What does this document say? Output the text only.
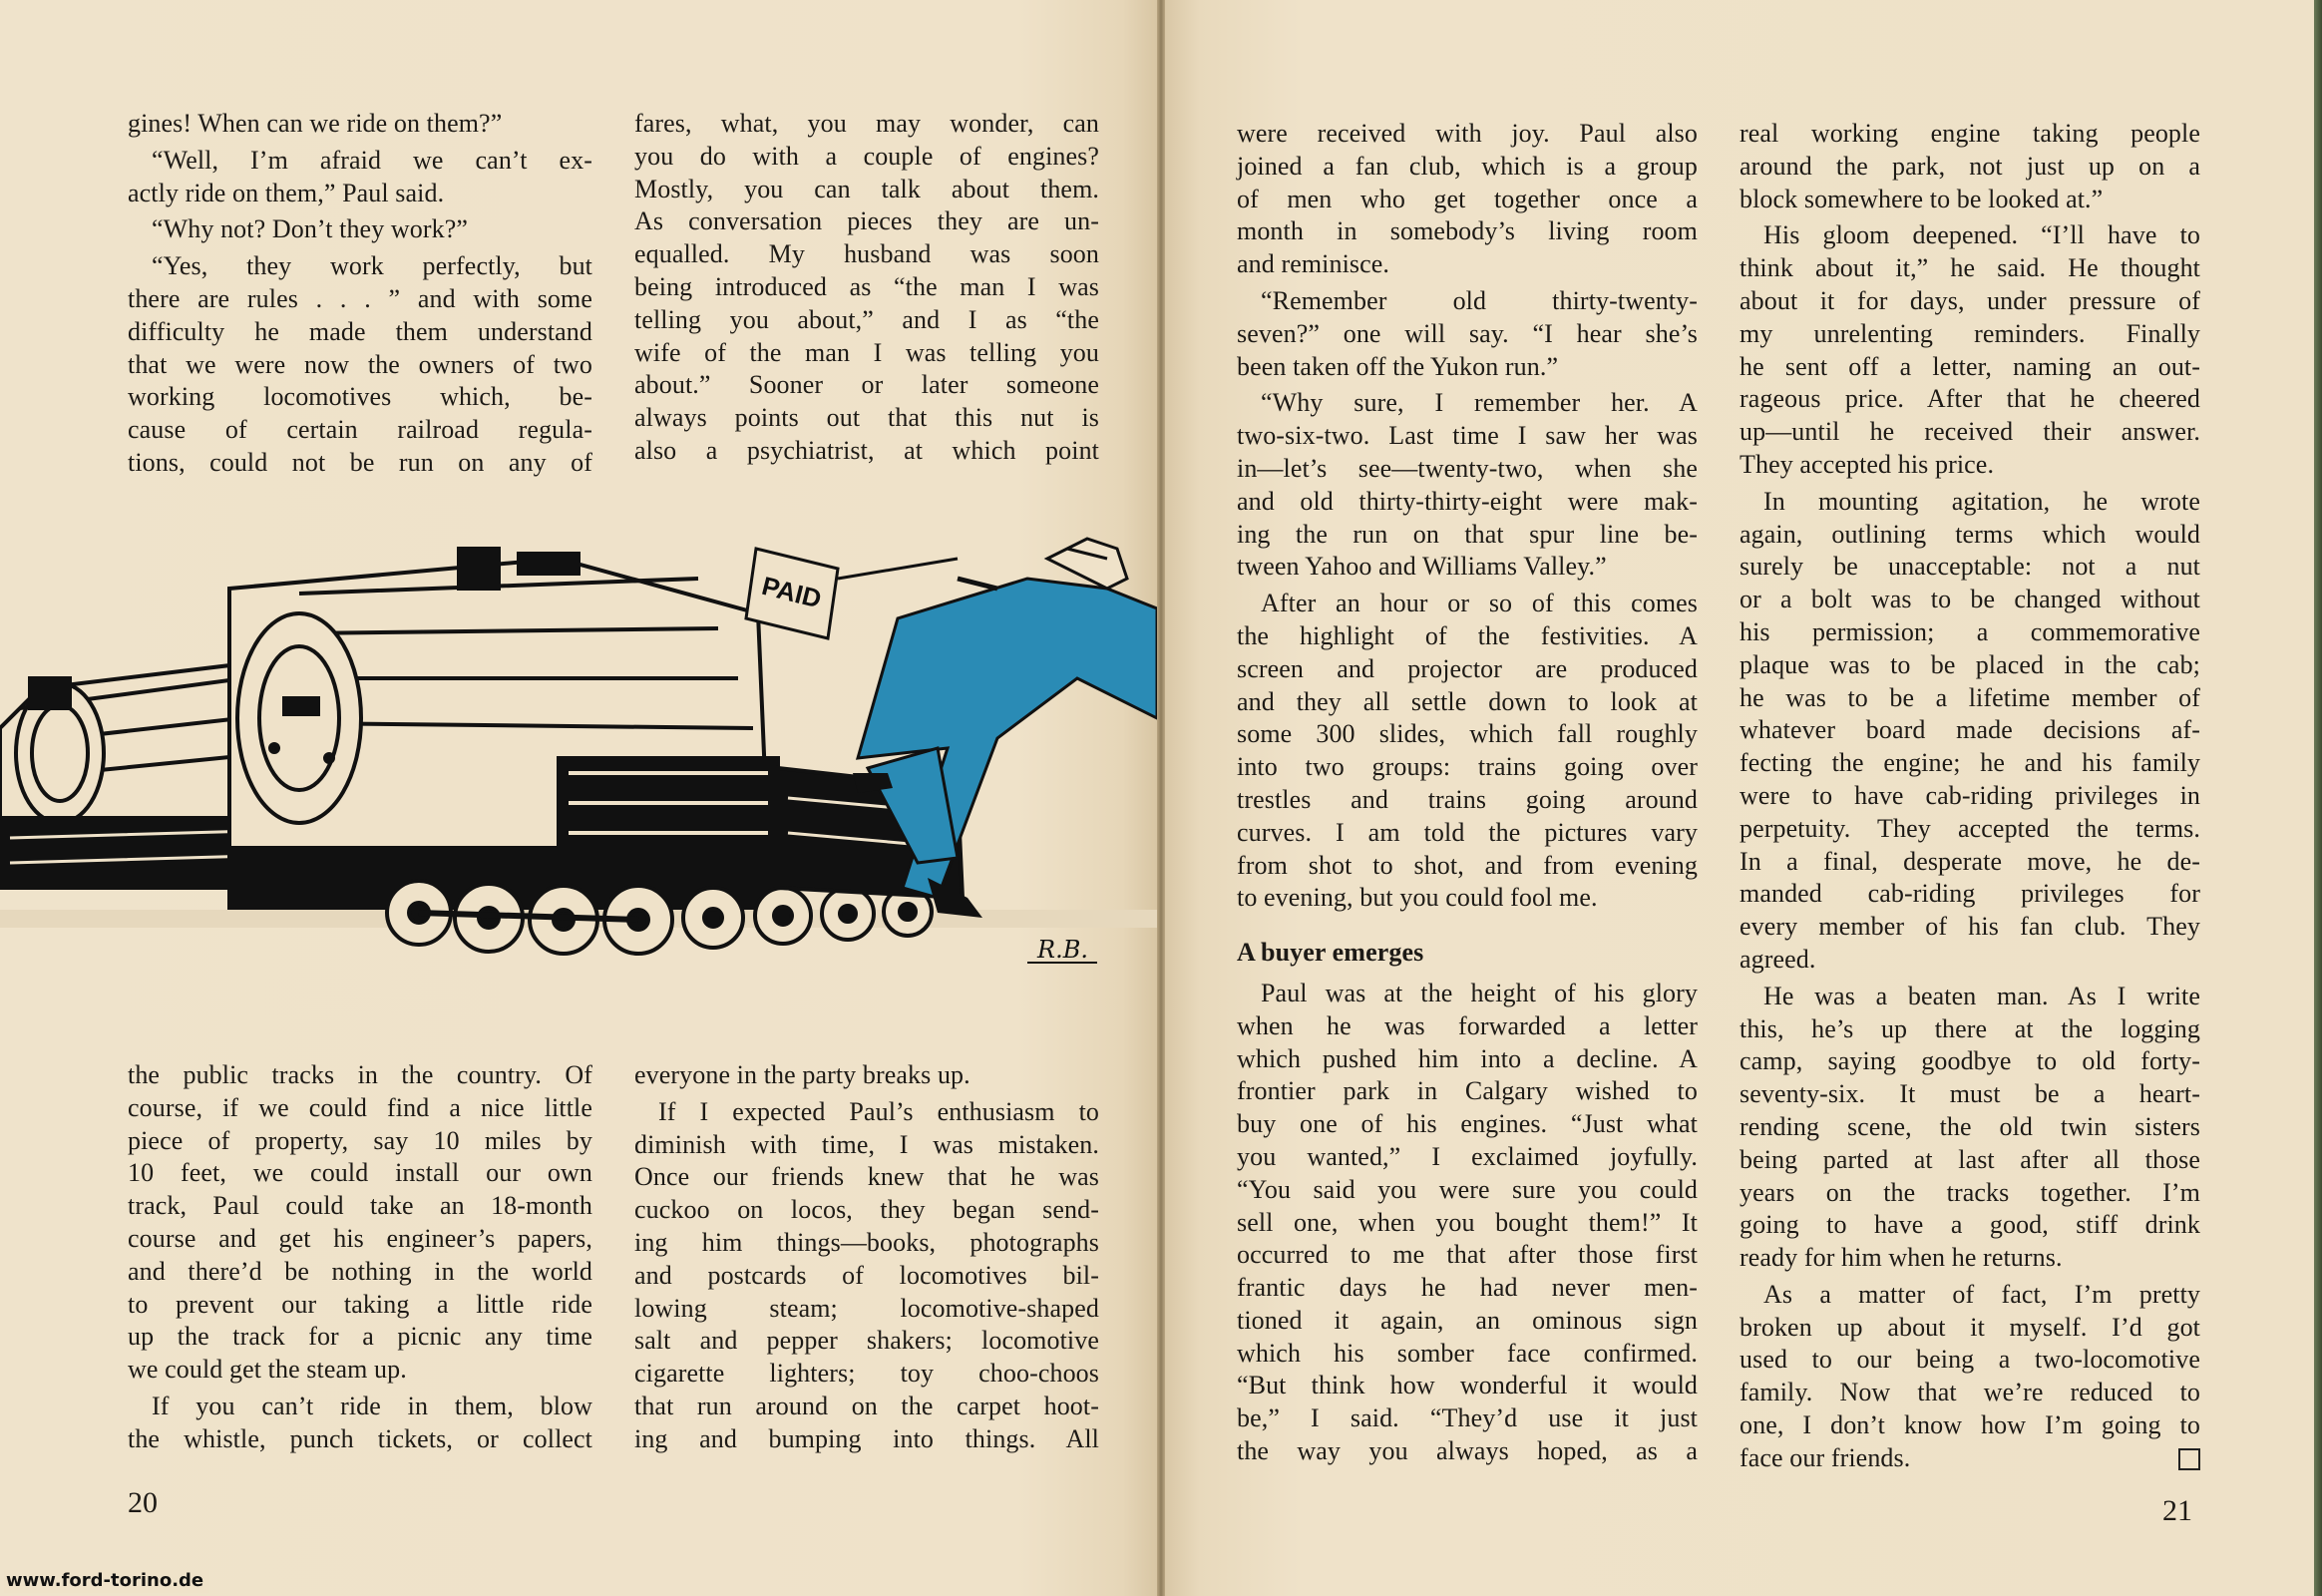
gines! When can we ride on them?”
“Well, I’m afraid we can’t ex-
actly ride on them,” Paul said.
“Why not? Don’t they work?”
“Yes, they work perfectly, but
there are rules . . . ” and with some
difficulty he made them understand
that we were now the owners of two
working locomotives which, be-
cause of certain railroad regula-
tions, could not be run on any of
fares, what, you may wonder, can
you do with a couple of engines?
Mostly, you can talk about them.
As conversation pieces they are un-
equalled. My husband was soon
being introduced as “the man I was
telling you about,” and I as “the
wife of the man I was telling you
about.” Sooner or later someone
always points out that this nut is
also a psychiatrist, at which point
PAID
R.B.
the public tracks in the country. Of
course, if we could find a nice little
piece of property, say 10 miles by
10 feet, we could install our own
track, Paul could take an 18-month
course and get his engineer’s papers,
and there’d be nothing in the world
to prevent our taking a little ride
up the track for a picnic any time
we could get the steam up.
If you can’t ride in them, blow
the whistle, punch tickets, or collect
everyone in the party breaks up.
If I expected Paul’s enthusiasm to
diminish with time, I was mistaken.
Once our friends knew that he was
cuckoo on locos, they began send-
ing him things—books, photographs
and postcards of locomotives bil-
lowing steam; locomotive-shaped
salt and pepper shakers; locomotive
cigarette lighters; toy choo-choos
that run around on the carpet hoot-
ing and bumping into things. All
20
were received with joy. Paul also
joined a fan club, which is a group
of men who get together once a
month in somebody’s living room
and reminisce.
“Remember old thirty-twenty-
seven?” one will say. “I hear she’s
been taken off the Yukon run.”
“Why sure, I remember her. A
two-six-two. Last time I saw her was
in—let’s see—twenty-two, when she
and old thirty-thirty-eight were mak-
ing the run on that spur line be-
tween Yahoo and Williams Valley.”
After an hour or so of this comes
the highlight of the festivities. A
screen and projector are produced
and they all settle down to look at
some 300 slides, which fall roughly
into two groups: trains going over
trestles and trains going around
curves. I am told the pictures vary
from shot to shot, and from evening
to evening, but you could fool me.
A buyer emerges
Paul was at the height of his glory
when he was forwarded a letter
which pushed him into a decline. A
frontier park in Calgary wished to
buy one of his engines. “Just what
you wanted,” I exclaimed joyfully.
“You said you were sure you could
sell one, when you bought them!” It
occurred to me that after those first
frantic days he had never men-
tioned it again, an ominous sign
which his somber face confirmed.
“But think how wonderful it would
be,” I said. “They’d use it just
the way you always hoped, as a
real working engine taking people
around the park, not just up on a
block somewhere to be looked at.”
His gloom deepened. “I’ll have to
think about it,” he said. He thought
about it for days, under pressure of
my unrelenting reminders. Finally
he sent off a letter, naming an out-
rageous price. After that he cheered
up—until he received their answer.
They accepted his price.
In mounting agitation, he wrote
again, outlining terms which would
surely be unacceptable: not a nut
or a bolt was to be changed without
his permission; a commemorative
plaque was to be placed in the cab;
he was to be a lifetime member of
whatever board made decisions af-
fecting the engine; he and his family
were to have cab-riding privileges in
perpetuity. They accepted the terms.
In a final, desperate move, he de-
manded cab-riding privileges for
every member of his fan club. They
agreed.
He was a beaten man. As I write
this, he’s up there at the logging
camp, saying goodbye to old forty-
seventy-six. It must be a heart-
rending scene, the old twin sisters
being parted at last after all those
years on the tracks together. I’m
going to have a good, stiff drink
ready for him when he returns.
As a matter of fact, I’m pretty
broken up about it myself. I’d got
used to our being a two-locomotive
family. Now that we’re reduced to
one, I don’t know how I’m going to
face our friends.
21
www.ford-torino.de
